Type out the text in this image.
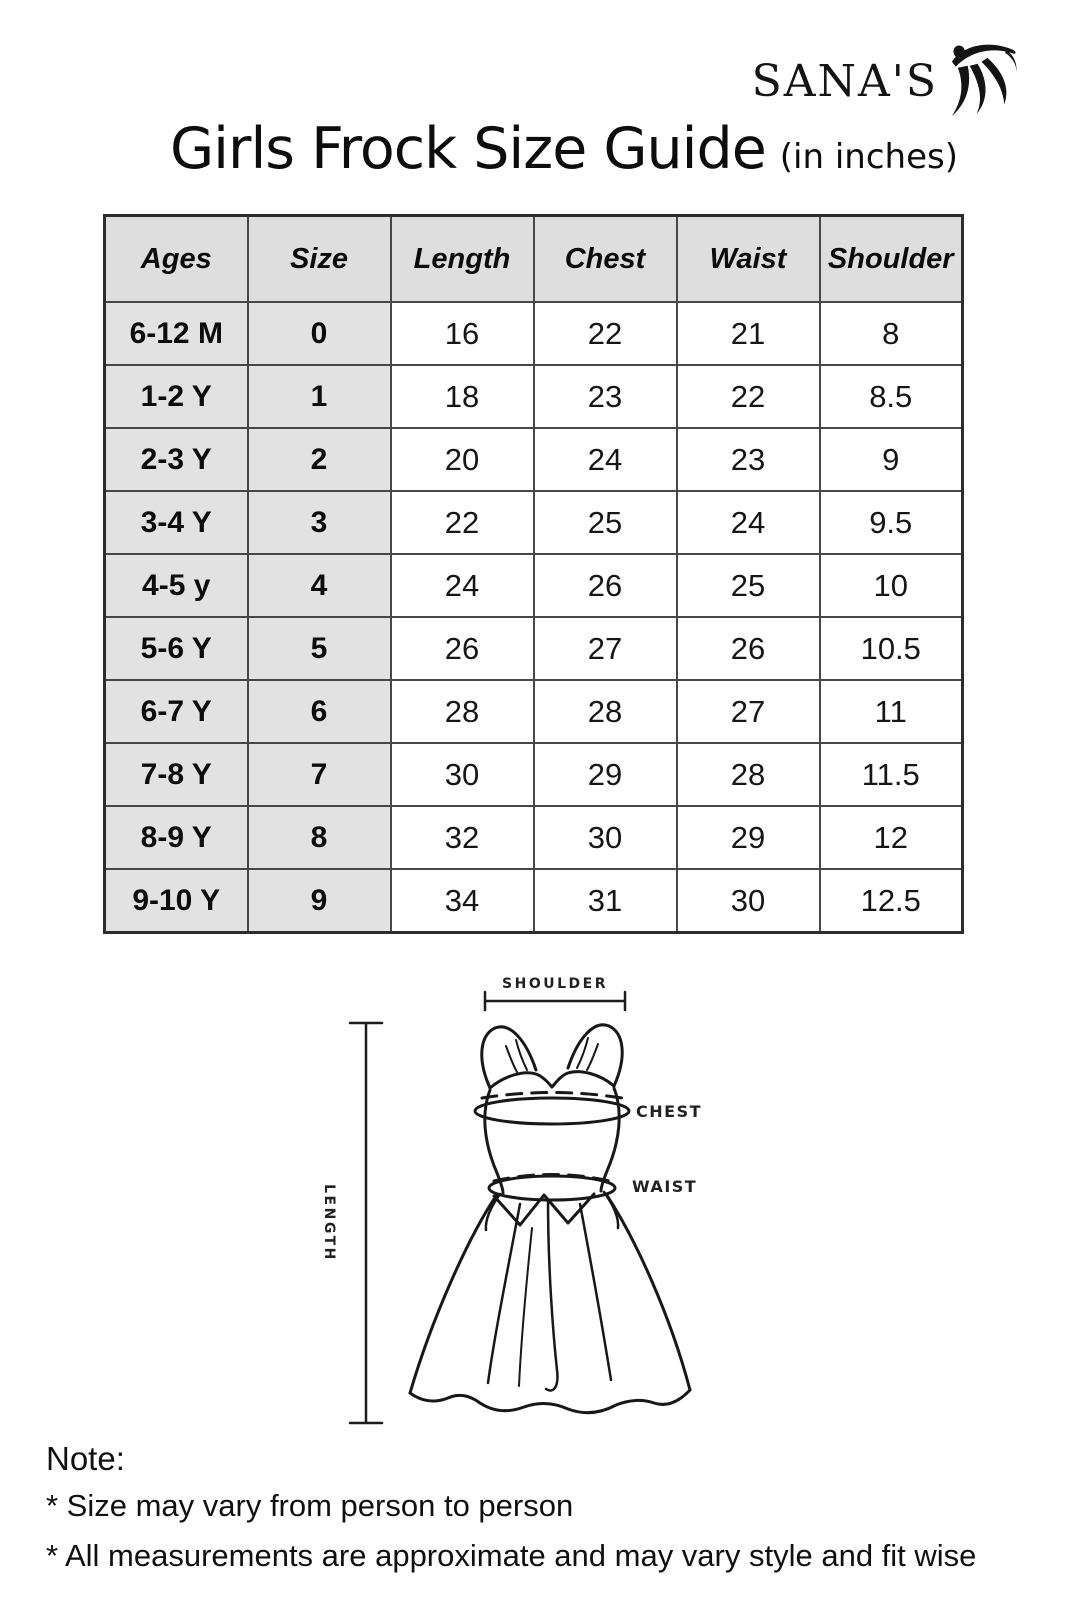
SANA'S
Girls Frock Size Guide (in inches)
Ages	Size	Length	Chest	Waist	Shoulder
6-12 M	0	16	22	21	8
1-2 Y	1	18	23	22	8.5
2-3 Y	2	20	24	23	9
3-4 Y	3	22	25	24	9.5
4-5 y	4	24	26	25	10
5-6 Y	5	26	27	26	10.5
6-7 Y	6	28	28	27	11
7-8 Y	7	30	29	28	11.5
8-9 Y	8	32	30	29	12
9-10 Y	9	34	31	30	12.5
SHOULDER
CHEST
WAIST
LENGTH

Note:

* Size may vary from person to person

* All measurements are approximate and may vary style and fit wise
